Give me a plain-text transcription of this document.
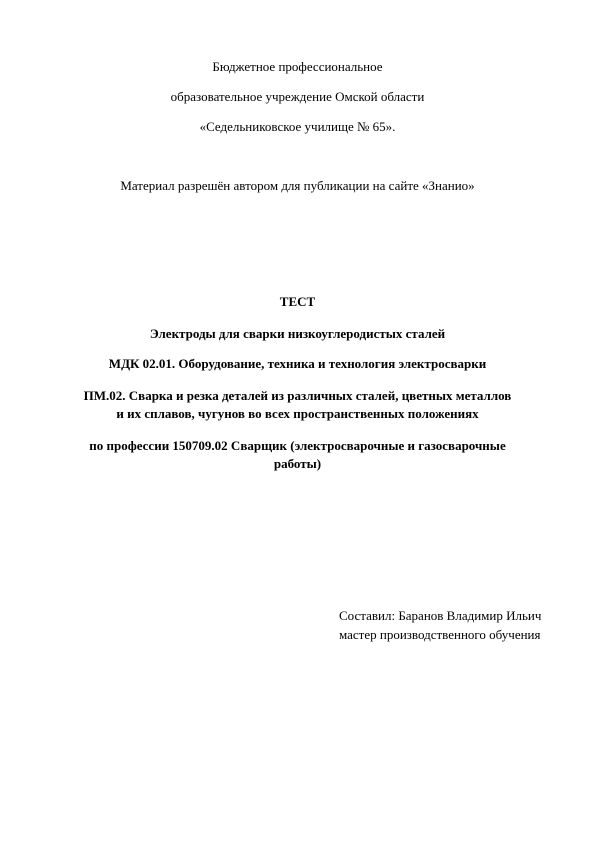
Бюджетное профессиональное
образовательное учреждение Омской области
«Седельниковское училище № 65».
Материал разрешён автором для публикации на сайте «Знанио»
ТЕСТ
Электроды для сварки низкоуглеродистых сталей
МДК 02.01. Оборудование, техника и технология электросварки
ПМ.02. Сварка и резка деталей из различных сталей, цветных металлов
и их сплавов, чугунов во всех пространственных положениях
по профессии 150709.02 Сварщик (электросварочные и газосварочные
работы)
Составил: Баранов Владимир Ильич
мастер производственного обучения
